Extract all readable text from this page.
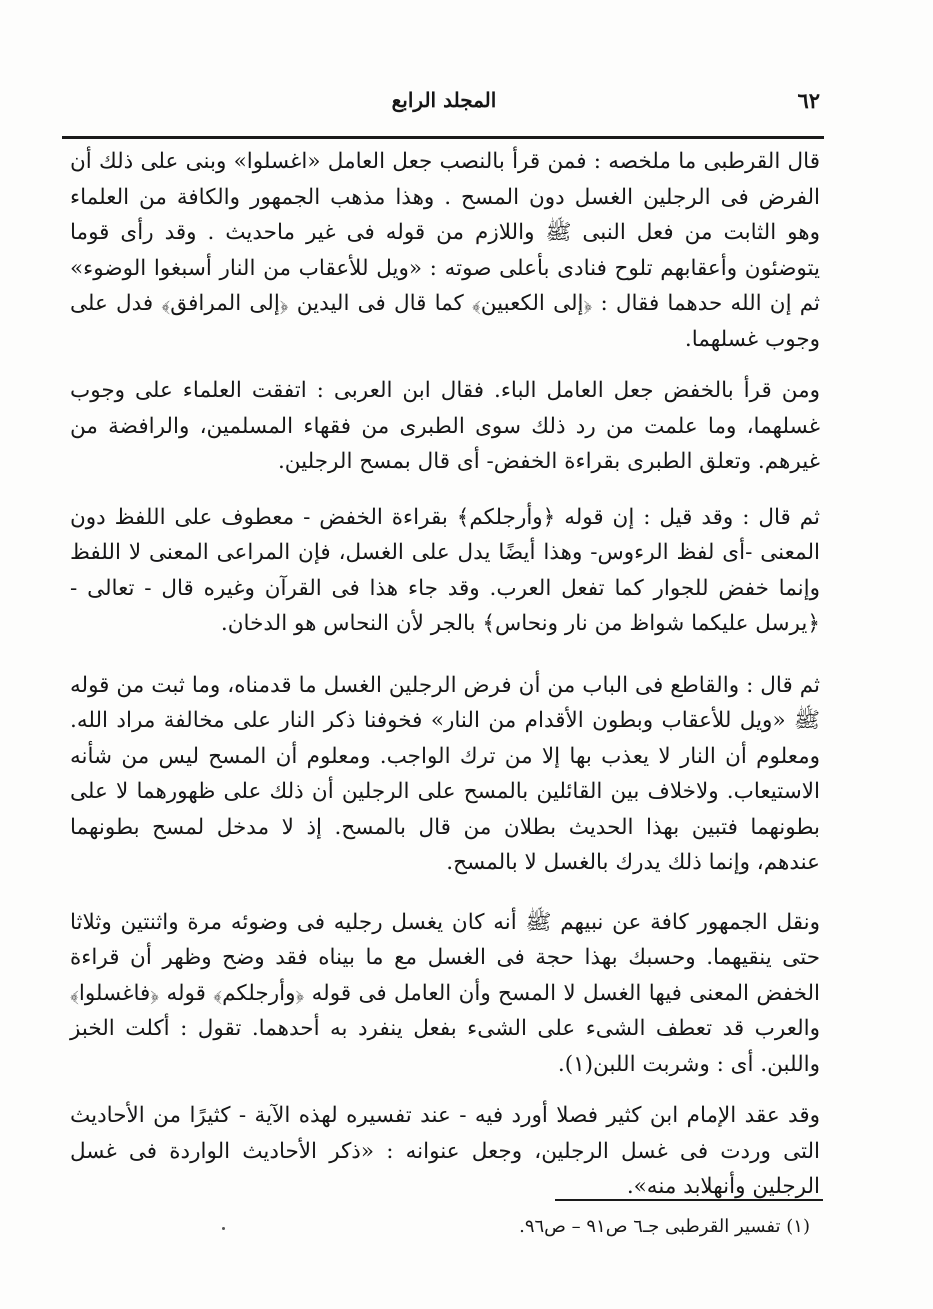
٦٢
المجلد الرابع

قال القرطبى ما ملخصه : فمن قرأ بالنصب جعل العامل «اغسلوا» وبنى على ذلك أن الفرض فى الرجلين الغسل دون المسح . وهذا مذهب الجمهور والكافة من العلماء وهو الثابت من فعل النبى ﷺ واللازم من قوله فى غير ماحديث . وقد رأى قوما يتوضئون وأعقابهم تلوح فنادى بأعلى صوته : «ويل للأعقاب من النار أسبغوا الوضوء» ثم إن الله حدهما فقال : ﴿إلى الكعبين﴾ كما قال فى اليدين ﴿إلى المرافق﴾ فدل على وجوب غسلهما.

ومن قرأ بالخفض جعل العامل الباء. فقال ابن العربى : اتفقت العلماء على وجوب غسلهما، وما علمت من رد ذلك سوى الطبرى من فقهاء المسلمين، والرافضة من غيرهم. وتعلق الطبرى بقراءة الخفض- أى قال بمسح الرجلين.

ثم قال : وقد قيل : إن قوله ﴿وأرجلكم﴾ بقراءة الخفض - معطوف على اللفظ دون المعنى -أى لفظ الرءوس- وهذا أيضًا يدل على الغسل، فإن المراعى المعنى لا اللفظ وإنما خفض للجوار كما تفعل العرب. وقد جاء هذا فى القرآن وغيره قال - تعالى - ﴿يرسل عليكما شواظ من نار ونحاس﴾ بالجر لأن النحاس هو الدخان.

ثم قال : والقاطع فى الباب من أن فرض الرجلين الغسل ما قدمناه، وما ثبت من قوله ﷺ «ويل للأعقاب وبطون الأقدام من النار» فخوفنا ذكر النار على مخالفة مراد الله. ومعلوم أن النار لا يعذب بها إلا من ترك الواجب. ومعلوم أن المسح ليس من شأنه الاستيعاب. ولاخلاف بين القائلين بالمسح على الرجلين أن ذلك على ظهورهما لا على بطونهما فتبين بهذا الحديث بطلان من قال بالمسح. إذ لا مدخل لمسح بطونهما عندهم، وإنما ذلك يدرك بالغسل لا بالمسح.

ونقل الجمهور كافة عن نبيهم ﷺ أنه كان يغسل رجليه فى وضوئه مرة واثنتين وثلاثا حتى ينقيهما. وحسبك بهذا حجة فى الغسل مع ما بيناه فقد وضح وظهر أن قراءة الخفض المعنى فيها الغسل لا المسح وأن العامل فى قوله ﴿وأرجلكم﴾ قوله ﴿فاغسلوا﴾ والعرب قد تعطف الشىء على الشىء بفعل ينفرد به أحدهما. تقول : أكلت الخبز واللبن. أى : وشربت اللبن(١).

وقد عقد الإمام ابن كثير فصلا أورد فيه - عند تفسيره لهذه الآية - كثيرًا من الأحاديث التى وردت فى غسل الرجلين، وجعل عنوانه : «ذكر الأحاديث الواردة فى غسل الرجلين وأنهلابد منه».

(١) تفسير القرطبى جـ٦ ص٩١ – ص٩٦.
